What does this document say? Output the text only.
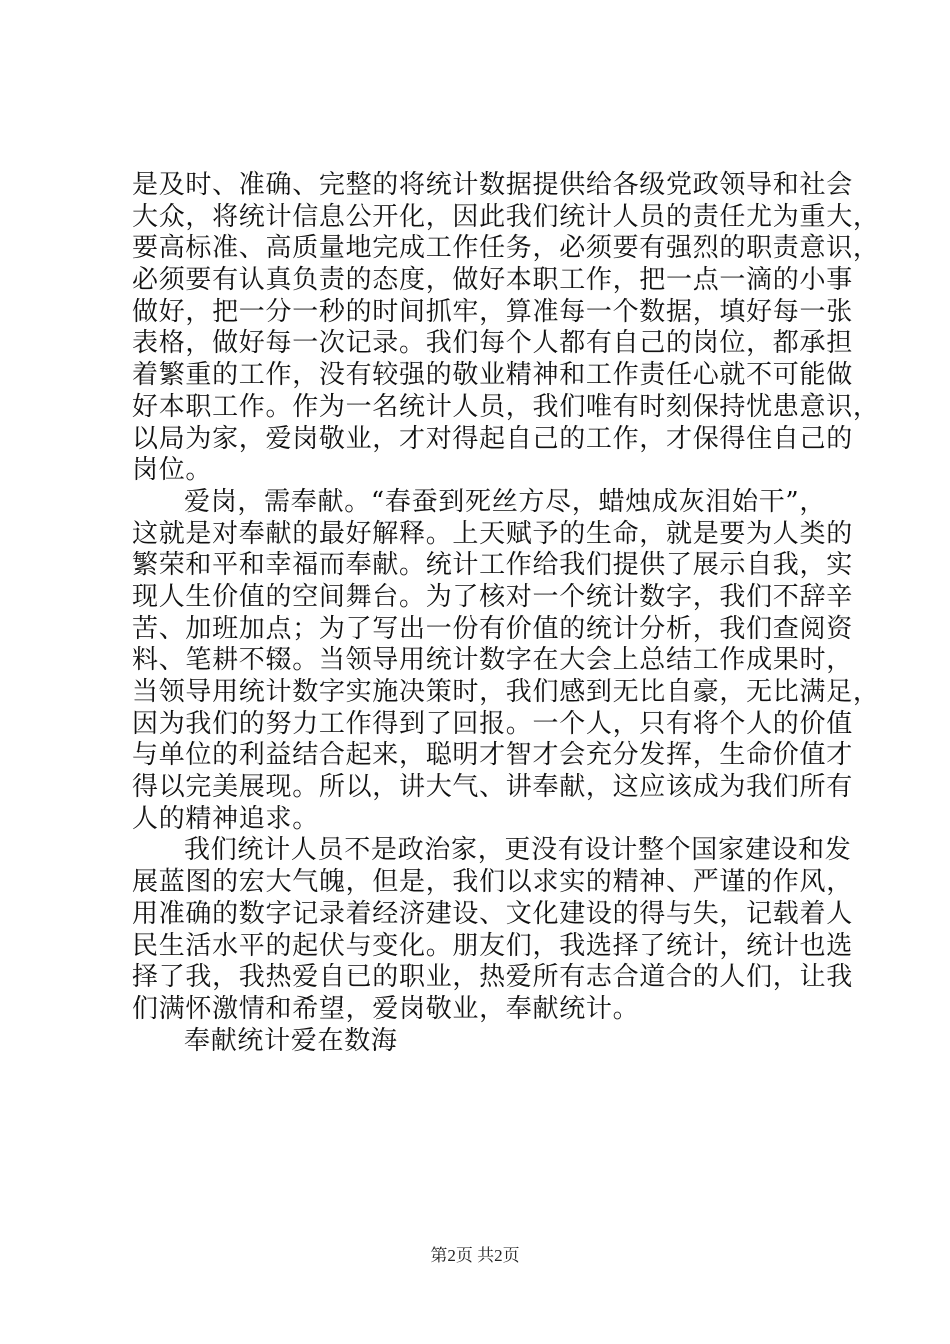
是及时、准确、完整的将统计数据提供给各级党政领导和社会
大众，将统计信息公开化，因此我们统计人员的责任尤为重大，
要高标准、高质量地完成工作任务，必须要有强烈的职责意识，
必须要有认真负责的态度，做好本职工作，把一点一滴的小事
做好，把一分一秒的时间抓牢，算准每一个数据，填好每一张
表格，做好每一次记录。我们每个人都有自己的岗位，都承担
着繁重的工作，没有较强的敬业精神和工作责任心就不可能做
好本职工作。作为一名统计人员，我们唯有时刻保持忧患意识，
以局为家，爱岗敬业，才对得起自己的工作，才保得住自己的
岗位。
爱岗，需奉献。“春蚕到死丝方尽，蜡烛成灰泪始干”，
这就是对奉献的最好解释。上天赋予的生命，就是要为人类的
繁荣和平和幸福而奉献。统计工作给我们提供了展示自我，实
现人生价值的空间舞台。为了核对一个统计数字，我们不辞辛
苦、加班加点；为了写出一份有价值的统计分析，我们查阅资
料、笔耕不辍。当领导用统计数字在大会上总结工作成果时，
当领导用统计数字实施决策时，我们感到无比自豪，无比满足，
因为我们的努力工作得到了回报。一个人，只有将个人的价值
与单位的利益结合起来，聪明才智才会充分发挥，生命价值才
得以完美展现。所以，讲大气、讲奉献，这应该成为我们所有
人的精神追求。
我们统计人员不是政治家，更没有设计整个国家建设和发
展蓝图的宏大气魄，但是，我们以求实的精神、严谨的作风，
用准确的数字记录着经济建设、文化建设的得与失，记载着人
民生活水平的起伏与变化。朋友们，我选择了统计，统计也选
择了我，我热爱自已的职业，热爱所有志合道合的人们，让我
们满怀激情和希望，爱岗敬业，奉献统计。
奉献统计爱在数海
第2页 共2页
